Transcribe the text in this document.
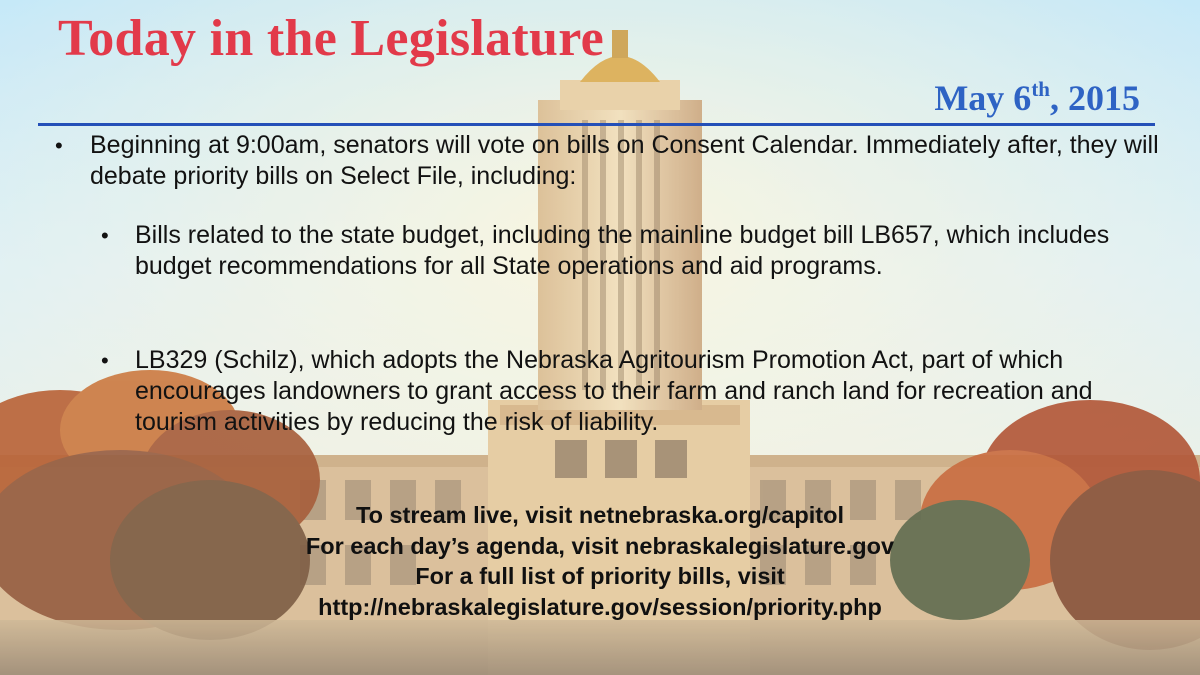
Today in the Legislature
May 6th, 2015
• Beginning at 9:00am, senators will vote on bills on Consent Calendar. Immediately after, they will debate priority bills on Select File, including:
• Bills related to the state budget, including the mainline budget bill LB657, which includes budget recommendations for all State operations and aid programs.
• LB329 (Schilz), which adopts the Nebraska Agritourism Promotion Act, part of which encourages landowners to grant access to their farm and ranch land for recreation and tourism activities by reducing the risk of liability.
To stream live, visit netnebraska.org/capitol
For each day’s agenda, visit nebraskalegislature.gov
For a full list of priority bills, visit
http://nebraskalegislature.gov/session/priority.php
